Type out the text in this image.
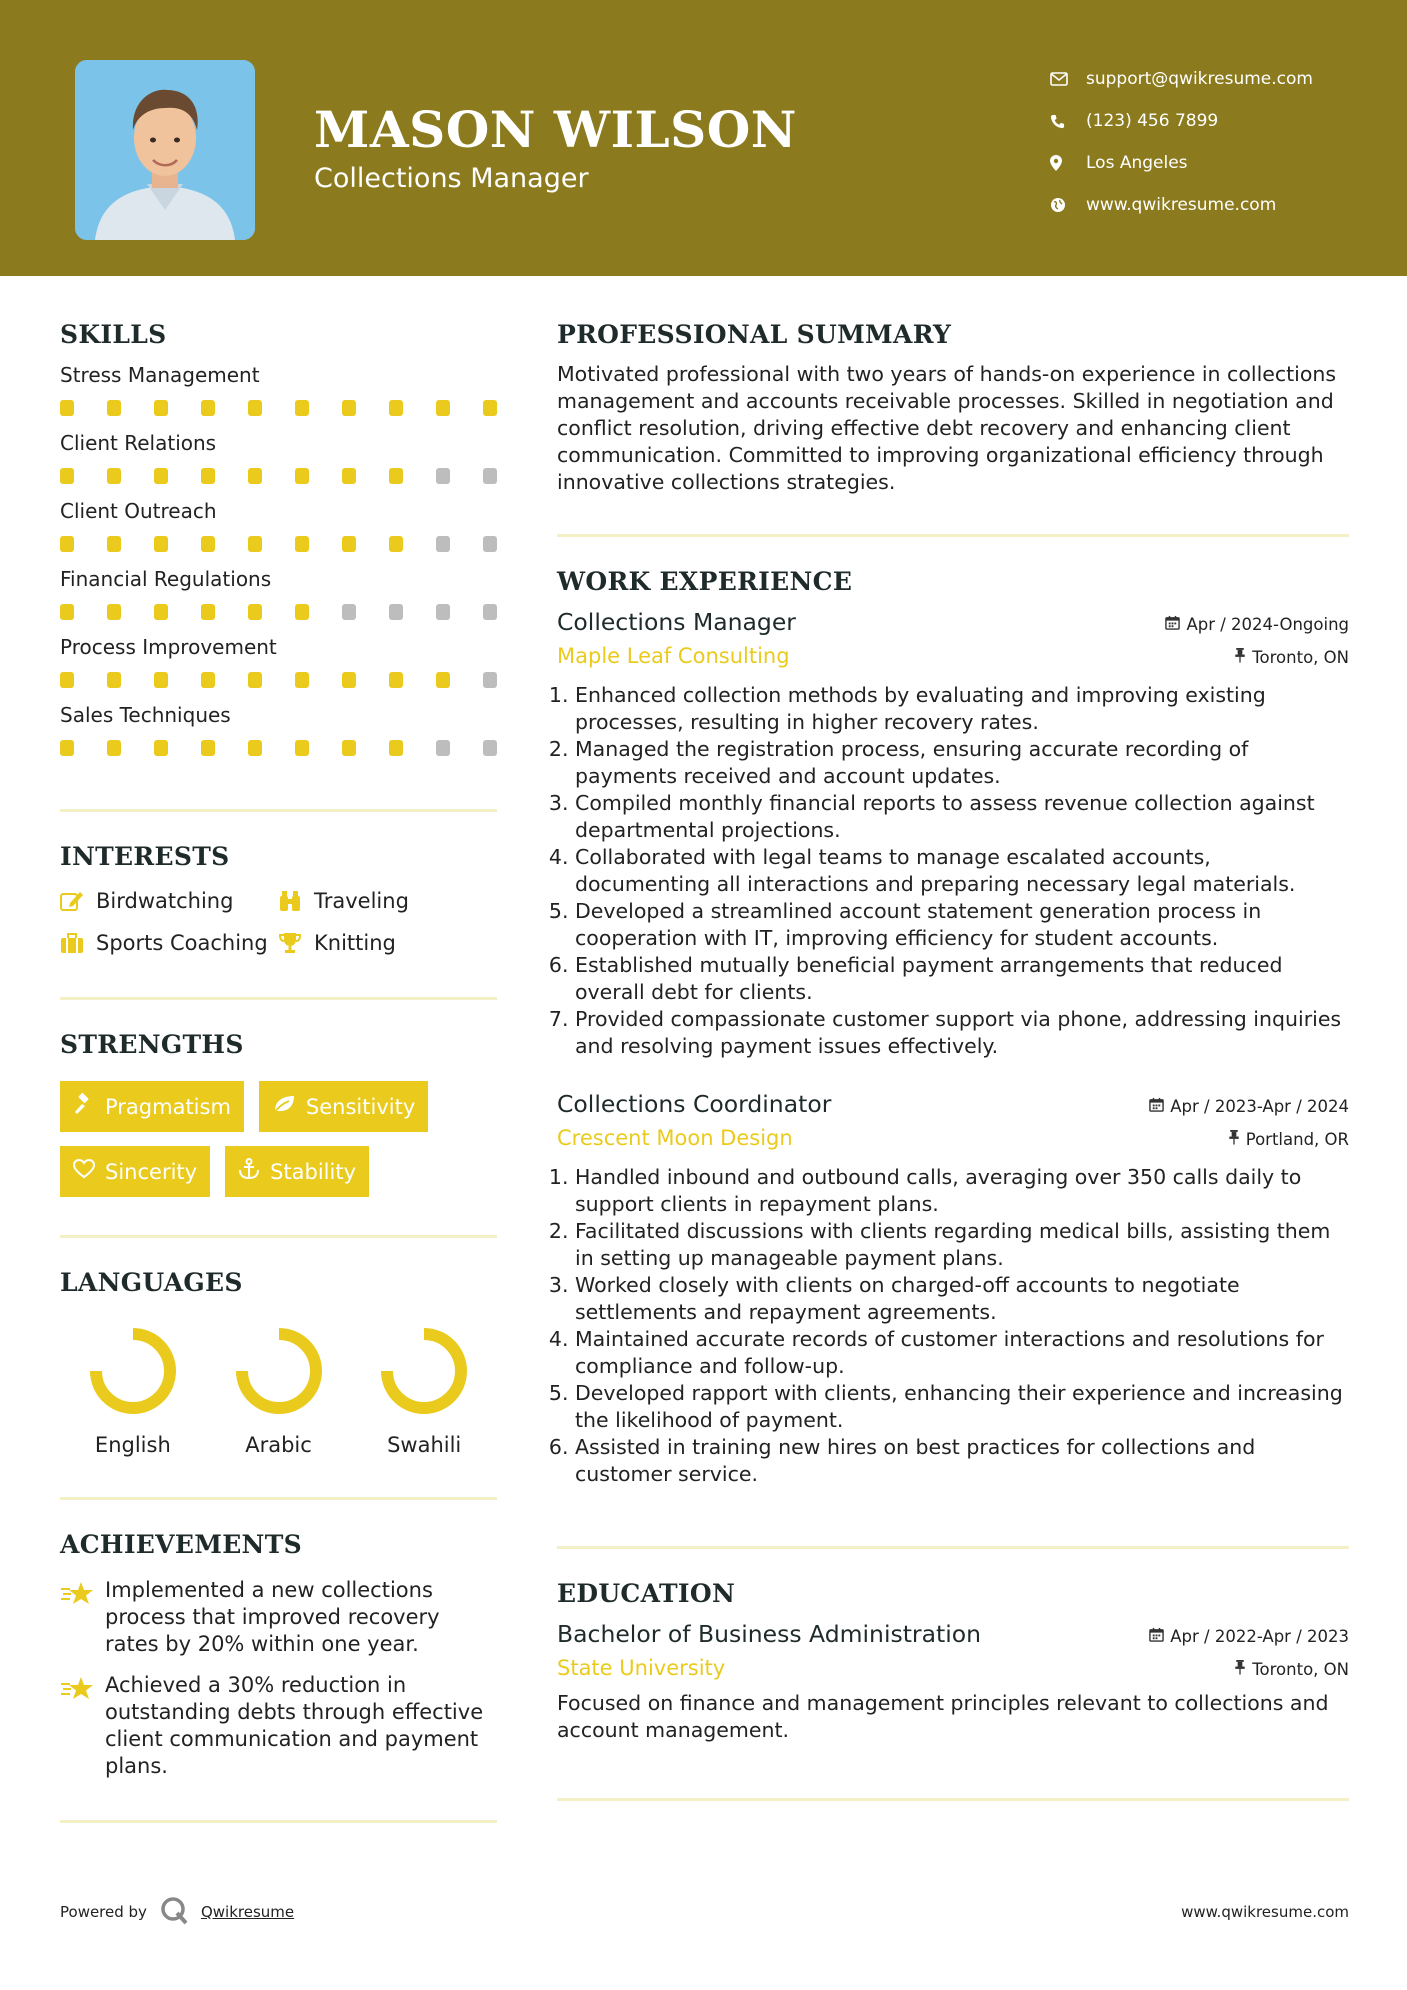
MASON WILSON
Collections Manager
support@qwikresume.com
(123) 456 7899
Los Angeles
www.qwikresume.com
SKILLS
Stress Management
Client Relations
Client Outreach
Financial Regulations
Process Improvement
Sales Techniques
INTERESTS
Birdwatching	Traveling
Sports Coaching Knitting
STRENGTHS
Pragmatism	Sensitivity
Sincerity	Stability
LANGUAGES
English	Arabic	Swahili
ACHIEVEMENTS
Implemented a new collections process that improved recovery rates by 20% within one year.
Achieved a 30% reduction in outstanding debts through effective client communication and payment plans.
PROFESSIONAL SUMMARY
Motivated professional with two years of hands-on experience in collections management and accounts receivable processes. Skilled in negotiation and conflict resolution, driving effective debt recovery and enhancing client communication. Committed to improving organizational efficiency through innovative collections strategies.
WORK EXPERIENCE
Collections Manager	Apr / 2024-Ongoing
Maple Leaf Consulting	Toronto, ON
1. Enhanced collection methods by evaluating and improving existing processes, resulting in higher recovery rates.
2. Managed the registration process, ensuring accurate recording of payments received and account updates.
3. Compiled monthly financial reports to assess revenue collection against departmental projections.
4. Collaborated with legal teams to manage escalated accounts, documenting all interactions and preparing necessary legal materials.
5. Developed a streamlined account statement generation process in cooperation with IT, improving efficiency for student accounts.
6. Established mutually beneficial payment arrangements that reduced overall debt for clients.
7. Provided compassionate customer support via phone, addressing inquiries and resolving payment issues effectively.
Collections Coordinator	Apr / 2023-Apr / 2024
Crescent Moon Design	Portland, OR
1. Handled inbound and outbound calls, averaging over 350 calls daily to support clients in repayment plans.
2. Facilitated discussions with clients regarding medical bills, assisting them in setting up manageable payment plans.
3. Worked closely with clients on charged-off accounts to negotiate settlements and repayment agreements.
4. Maintained accurate records of customer interactions and resolutions for compliance and follow-up.
5. Developed rapport with clients, enhancing their experience and increasing the likelihood of payment.
6. Assisted in training new hires on best practices for collections and customer service.
EDUCATION
Bachelor of Business Administration	Apr / 2022-Apr / 2023
State University	Toronto, ON
Focused on finance and management principles relevant to collections and account management.
Powered by	Qwikresume	www.qwikresume.com
